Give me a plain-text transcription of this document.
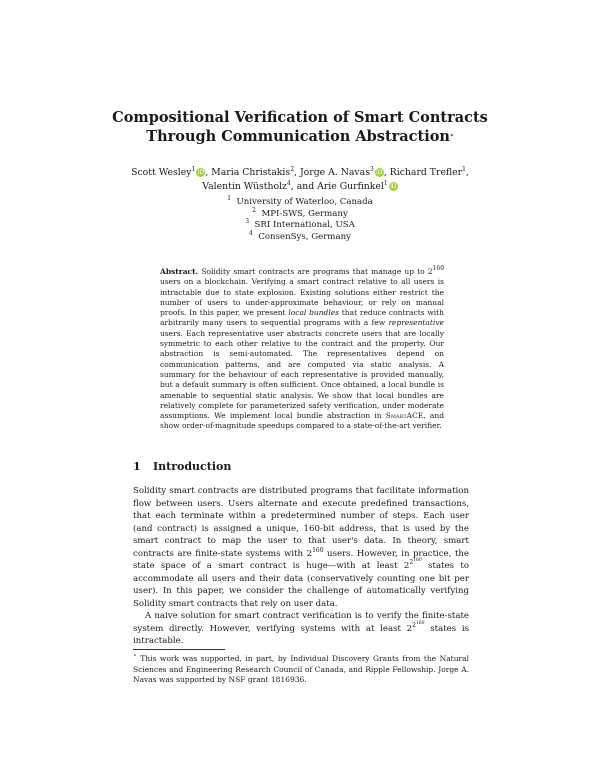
Compositional Verification of Smart Contracts
Through Communication Abstraction⋆
Scott Wesley$^1$ iD, Maria Christakis$^2$, Jorge A. Navas$^3$ iD, Richard Trefler$^1$,
Valentin Wüstholz$^4$, and Arie Gurfinkel$^1$ iD
$^1$ University of Waterloo, Canada
$^2$ MPI-SWS, Germany
$^3$ SRI International, USA
$^4$ ConsenSys, Germany
Abstract. Solidity smart contracts are programs that manage up to $2^{160}$ users on a blockchain. Verifying a smart contract relative to all users is intractable due to state explosion. Existing solutions either restrict the number of users to under-approximate behaviour, or rely on manual proofs. In this paper, we present local bundles that reduce contracts with arbitrarily many users to sequential programs with a few representative users. Each representative user abstracts concrete users that are locally symmetric to each other relative to the contract and the property. Our abstraction is semi-automated. The representatives depend on communication patterns, and are computed via static analysis. A summary for the behaviour of each representative is provided manually, but a default summary is often sufficient. Once obtained, a local bundle is amenable to sequential static analysis. We show that local bundles are relatively complete for parameterized safety verification, under moderate assumptions. We implement local bundle abstraction in SmartACE, and show order-of-magnitude speedups compared to a state-of-the-art verifier.
1 Introduction

Solidity smart contracts are distributed programs that facilitate information flow between users. Users alternate and execute predefined transactions, that each terminate within a predetermined number of steps. Each user (and contract) is assigned a unique, 160-bit address, that is used by the smart contract to map the user to that user's data. In theory, smart contracts are finite-state systems with $2^{160}$ users. However, in practice, the state space of a smart contract is huge—with at least $2^{2^{160}}$ states to accommodate all users and their data (conservatively counting one bit per user). In this paper, we consider the challenge of automatically verifying Solidity smart contracts that rely on user data.

A naive solution for smart contract verification is to verify the finite-state system directly. However, verifying systems with at least $2^{2^{160}}$ states is intractable.

⋆ This work was supported, in part, by Individual Discovery Grants from the Natural Sciences and Engineering Research Council of Canada, and Ripple Fellowship. Jorge A. Navas was supported by NSF grant 1816936.
